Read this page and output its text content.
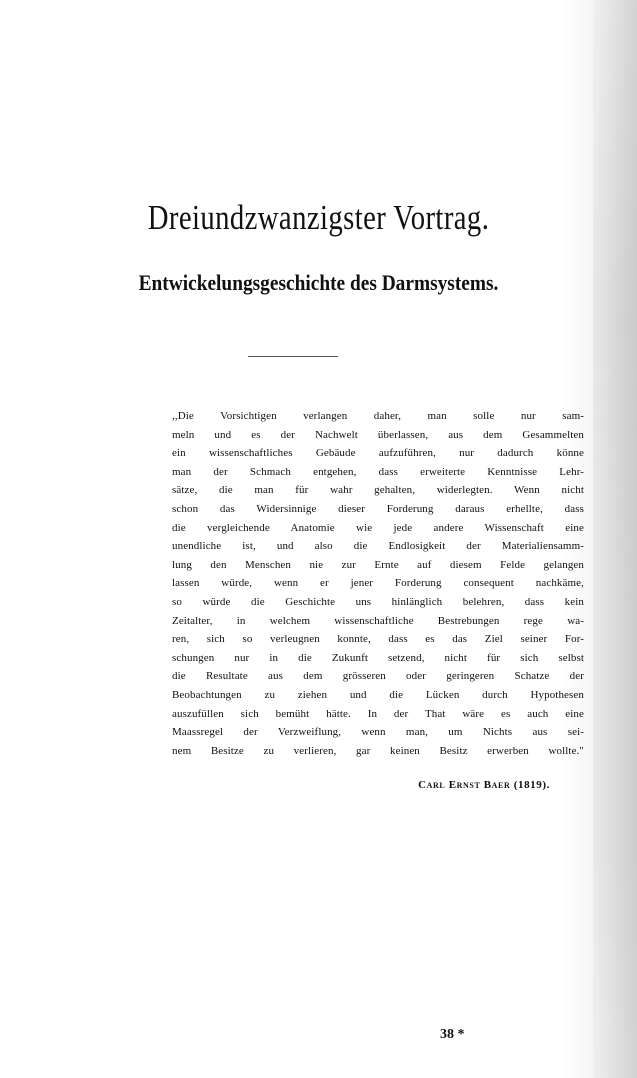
Dreiundzwanzigster Vortrag.
Entwickelungsgeschichte des Darmsystems.
,,Die Vorsichtigen verlangen daher, man solle nur sam-
meln und es der Nachwelt überlassen, aus dem Gesammelten
ein wissenschaftliches Gebäude aufzuführen, nur dadurch könne
man der Schmach entgehen, dass erweiterte Kenntnisse Lehr-
sätze, die man für wahr gehalten, widerlegten. Wenn nicht
schon das Widersinnige dieser Forderung daraus erhellte, dass
die vergleichende Anatomie wie jede andere Wissenschaft eine
unendliche ist, und also die Endlosigkeit der Materialiensamm-
lung den Menschen nie zur Ernte auf diesem Felde gelangen
lassen würde, wenn er jener Forderung consequent nachkäme,
so würde die Geschichte uns hinlänglich belehren, dass kein
Zeitalter, in welchem wissenschaftliche Bestrebungen rege wa-
ren, sich so verleugnen konnte, dass es das Ziel seiner For-
schungen nur in die Zukunft setzend, nicht für sich selbst
die Resultate aus dem grösseren oder geringeren Schatze der
Beobachtungen zu ziehen und die Lücken durch Hypothesen
auszufüllen sich bemüht hätte. In der That wäre es auch eine
Maassregel der Verzweiflung, wenn man, um Nichts aus sei-
nem Besitze zu verlieren, gar keinen Besitz erwerben wollte."
Carl Ernst Baer (1819).
38 *
